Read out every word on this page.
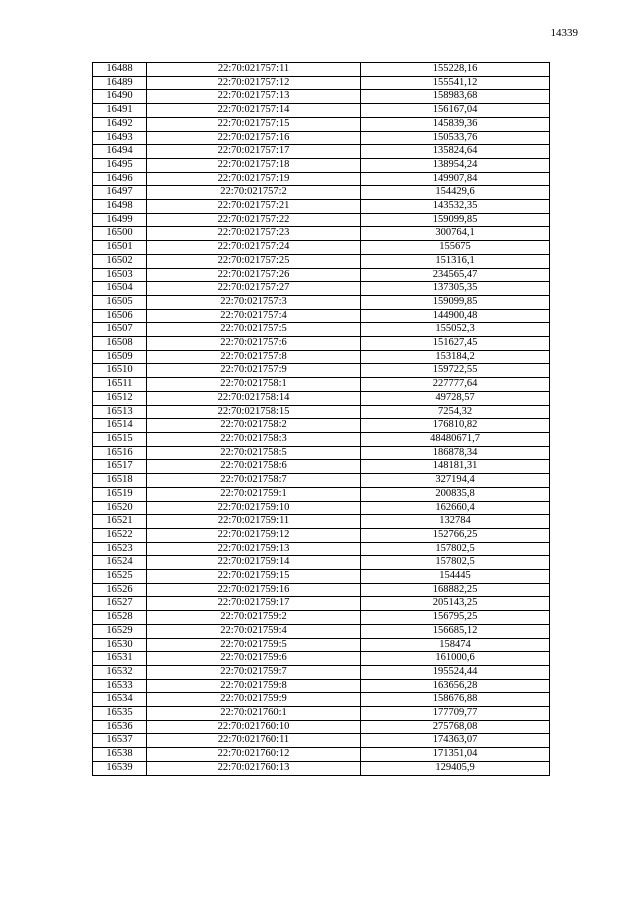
14339
16488	22:70:021757:11	155228,16
16489	22:70:021757:12	155541,12
16490	22:70:021757:13	158983,68
16491	22:70:021757:14	156167,04
16492	22:70:021757:15	145839,36
16493	22:70:021757:16	150533,76
16494	22:70:021757:17	135824,64
16495	22:70:021757:18	138954,24
16496	22:70:021757:19	149907,84
16497	22:70:021757:2	154429,6
16498	22:70:021757:21	143532,35
16499	22:70:021757:22	159099,85
16500	22:70:021757:23	300764,1
16501	22:70:021757:24	155675
16502	22:70:021757:25	151316,1
16503	22:70:021757:26	234565,47
16504	22:70:021757:27	137305,35
16505	22:70:021757:3	159099,85
16506	22:70:021757:4	144900,48
16507	22:70:021757:5	155052,3
16508	22:70:021757:6	151627,45
16509	22:70:021757:8	153184,2
16510	22:70:021757:9	159722,55
16511	22:70:021758:1	227777,64
16512	22:70:021758:14	49728,57
16513	22:70:021758:15	7254,32
16514	22:70:021758:2	176810,82
16515	22:70:021758:3	48480671,7
16516	22:70:021758:5	186878,34
16517	22:70:021758:6	148181,31
16518	22:70:021758:7	327194,4
16519	22:70:021759:1	200835,8
16520	22:70:021759:10	162660,4
16521	22:70:021759:11	132784
16522	22:70:021759:12	152766,25
16523	22:70:021759:13	157802,5
16524	22:70:021759:14	157802,5
16525	22:70:021759:15	154445
16526	22:70:021759:16	168882,25
16527	22:70:021759:17	205143,25
16528	22:70:021759:2	156795,25
16529	22:70:021759:4	156685,12
16530	22:70:021759:5	158474
16531	22:70:021759:6	161000,6
16532	22:70:021759:7	195524,44
16533	22:70:021759:8	163656,28
16534	22:70:021759:9	158676,88
16535	22:70:021760:1	177709,77
16536	22:70:021760:10	275768,08
16537	22:70:021760:11	174363,07
16538	22:70:021760:12	171351,04
16539	22:70:021760:13	129405,9
